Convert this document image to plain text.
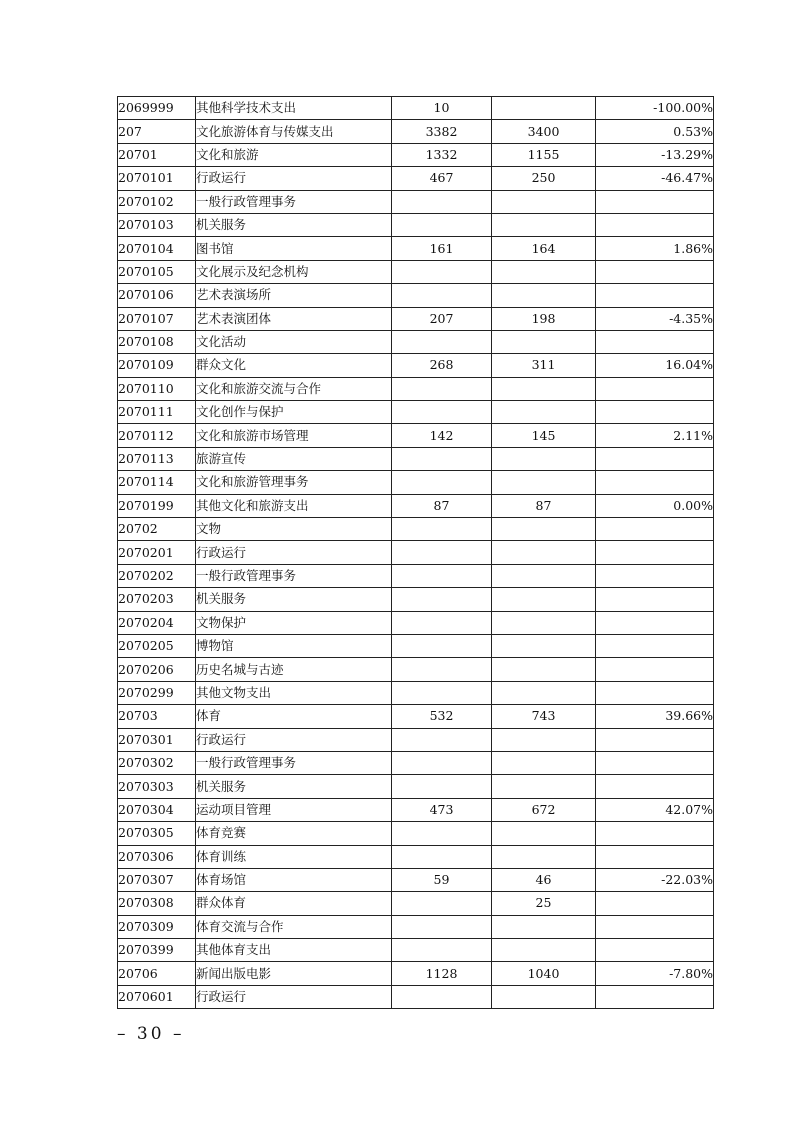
2069999	其他科学技术支出	10		-100.00%
207	文化旅游体育与传媒支出	3382	3400	0.53%
20701	文化和旅游	1332	1155	-13.29%
2070101	行政运行	467	250	-46.47%
2070102	一般行政管理事务			
2070103	机关服务			
2070104	图书馆	161	164	1.86%
2070105	文化展示及纪念机构			
2070106	艺术表演场所			
2070107	艺术表演团体	207	198	-4.35%
2070108	文化活动			
2070109	群众文化	268	311	16.04%
2070110	文化和旅游交流与合作			
2070111	文化创作与保护			
2070112	文化和旅游市场管理	142	145	2.11%
2070113	旅游宣传			
2070114	文化和旅游管理事务			
2070199	其他文化和旅游支出	87	87	0.00%
20702	文物			
2070201	行政运行			
2070202	一般行政管理事务			
2070203	机关服务			
2070204	文物保护			
2070205	博物馆			
2070206	历史名城与古迹			
2070299	其他文物支出			
20703	体育	532	743	39.66%
2070301	行政运行			
2070302	一般行政管理事务			
2070303	机关服务			
2070304	运动项目管理	473	672	42.07%
2070305	体育竞赛			
2070306	体育训练			
2070307	体育场馆	59	46	-22.03%
2070308	群众体育		25	
2070309	体育交流与合作			
2070399	其他体育支出			
20706	新闻出版电影	1128	1040	-7.80%
2070601	行政运行			
– 30 –
